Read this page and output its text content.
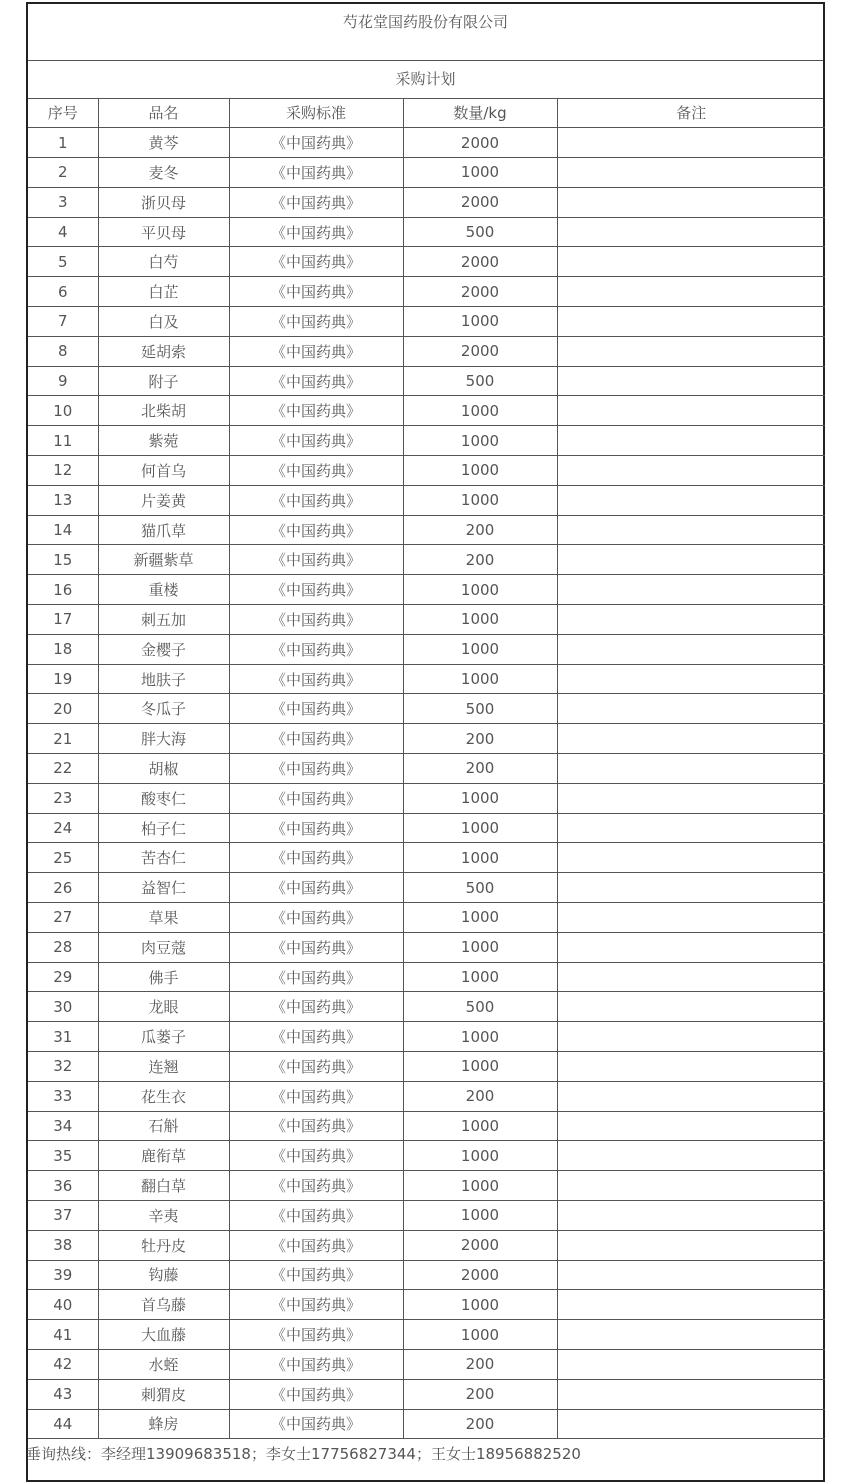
芍花堂国药股份有限公司
采购计划
序号	品名	采购标准	数量/kg	备注
1	黄芩	《中国药典》	2000	
2	麦冬	《中国药典》	1000	
3	浙贝母	《中国药典》	2000	
4	平贝母	《中国药典》	500	
5	白芍	《中国药典》	2000	
6	白芷	《中国药典》	2000	
7	白及	《中国药典》	1000	
8	延胡索	《中国药典》	2000	
9	附子	《中国药典》	500	
10	北柴胡	《中国药典》	1000	
11	紫菀	《中国药典》	1000	
12	何首乌	《中国药典》	1000	
13	片姜黄	《中国药典》	1000	
14	猫爪草	《中国药典》	200	
15	新疆紫草	《中国药典》	200	
16	重楼	《中国药典》	1000	
17	刺五加	《中国药典》	1000	
18	金樱子	《中国药典》	1000	
19	地肤子	《中国药典》	1000	
20	冬瓜子	《中国药典》	500	
21	胖大海	《中国药典》	200	
22	胡椒	《中国药典》	200	
23	酸枣仁	《中国药典》	1000	
24	柏子仁	《中国药典》	1000	
25	苦杏仁	《中国药典》	1000	
26	益智仁	《中国药典》	500	
27	草果	《中国药典》	1000	
28	肉豆蔻	《中国药典》	1000	
29	佛手	《中国药典》	1000	
30	龙眼	《中国药典》	500	
31	瓜蒌子	《中国药典》	1000	
32	连翘	《中国药典》	1000	
33	花生衣	《中国药典》	200	
34	石斛	《中国药典》	1000	
35	鹿衔草	《中国药典》	1000	
36	翻白草	《中国药典》	1000	
37	辛夷	《中国药典》	1000	
38	牡丹皮	《中国药典》	2000	
39	钩藤	《中国药典》	2000	
40	首乌藤	《中国药典》	1000	
41	大血藤	《中国药典》	1000	
42	水蛭	《中国药典》	200	
43	刺猬皮	《中国药典》	200	
44	蜂房	《中国药典》	200	
垂询热线：李经理13909683518；李女士17756827344；王女士18956882520
